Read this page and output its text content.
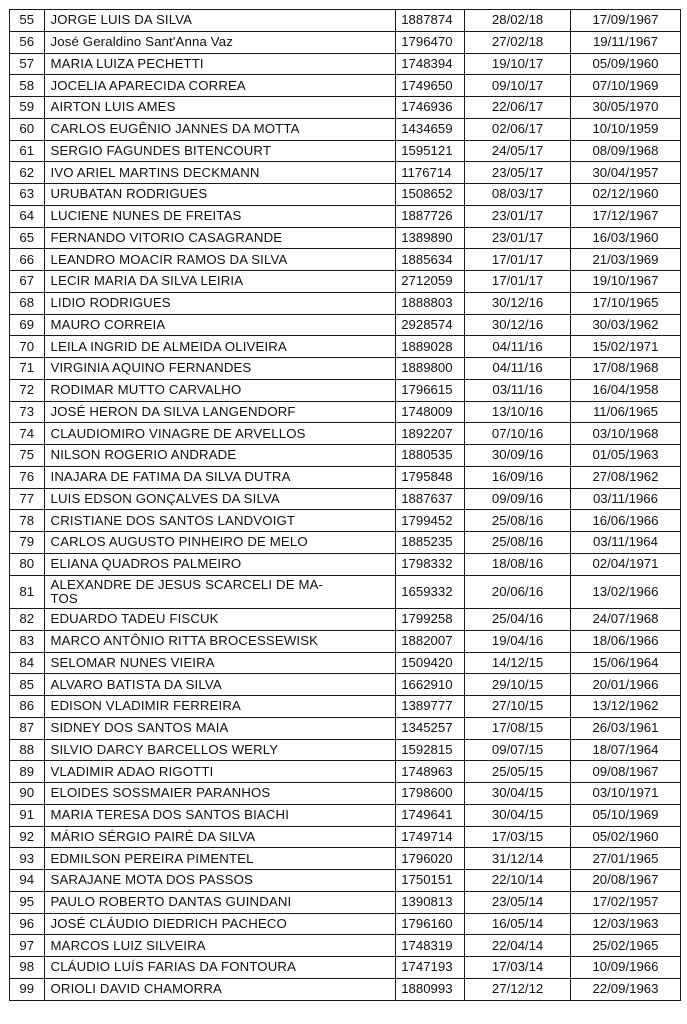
55	JORGE LUIS DA SILVA	1887874	28/02/18	17/09/1967
56	José Geraldino Sant'Anna Vaz	1796470	27/02/18	19/11/1967
57	MARIA LUIZA PECHETTI	1748394	19/10/17	05/09/1960
58	JOCELIA APARECIDA CORREA	1749650	09/10/17	07/10/1969
59	AIRTON LUIS AMES	1746936	22/06/17	30/05/1970
60	CARLOS EUGÊNIO JANNES DA MOTTA	1434659	02/06/17	10/10/1959
61	SERGIO FAGUNDES BITENCOURT	1595121	24/05/17	08/09/1968
62	IVO ARIEL MARTINS DECKMANN	1176714	23/05/17	30/04/1957
63	URUBATAN RODRIGUES	1508652	08/03/17	02/12/1960
64	LUCIENE NUNES DE FREITAS	1887726	23/01/17	17/12/1967
65	FERNANDO VITORIO CASAGRANDE	1389890	23/01/17	16/03/1960
66	LEANDRO MOACIR RAMOS DA SILVA	1885634	17/01/17	21/03/1969
67	LECIR MARIA DA SILVA LEIRIA	2712059	17/01/17	19/10/1967
68	LIDIO RODRIGUES	1888803	30/12/16	17/10/1965
69	MAURO CORREIA	2928574	30/12/16	30/03/1962
70	LEILA INGRID DE ALMEIDA OLIVEIRA	1889028	04/11/16	15/02/1971
71	VIRGINIA AQUINO FERNANDES	1889800	04/11/16	17/08/1968
72	RODIMAR MUTTO CARVALHO	1796615	03/11/16	16/04/1958
73	JOSÉ HERON DA SILVA LANGENDORF	1748009	13/10/16	11/06/1965
74	CLAUDIOMIRO VINAGRE DE ARVELLOS	1892207	07/10/16	03/10/1968
75	NILSON ROGERIO ANDRADE	1880535	30/09/16	01/05/1963
76	INAJARA DE FATIMA DA SILVA DUTRA	1795848	16/09/16	27/08/1962
77	LUIS EDSON GONÇALVES DA SILVA	1887637	09/09/16	03/11/1966
78	CRISTIANE DOS SANTOS LANDVOIGT	1799452	25/08/16	16/06/1966
79	CARLOS AUGUSTO PINHEIRO DE MELO	1885235	25/08/16	03/11/1964
80	ELIANA QUADROS PALMEIRO	1798332	18/08/16	02/04/1971
81	ALEXANDRE DE JESUS SCARCELI DE MA-
TOS	1659332	20/06/16	13/02/1966
82	EDUARDO TADEU FISCUK	1799258	25/04/16	24/07/1968
83	MARCO ANTÔNIO RITTA BROCESSEWISK	1882007	19/04/16	18/06/1966
84	SELOMAR NUNES VIEIRA	1509420	14/12/15	15/06/1964
85	ALVARO BATISTA DA SILVA	1662910	29/10/15	20/01/1966
86	EDISON VLADIMIR FERREIRA	1389777	27/10/15	13/12/1962
87	SIDNEY DOS SANTOS MAIA	1345257	17/08/15	26/03/1961
88	SILVIO DARCY BARCELLOS WERLY	1592815	09/07/15	18/07/1964
89	VLADIMIR ADAO RIGOTTI	1748963	25/05/15	09/08/1967
90	ELOIDES SOSSMAIER PARANHOS	1798600	30/04/15	03/10/1971
91	MARIA TERESA DOS SANTOS BIACHI	1749641	30/04/15	05/10/1969
92	MÁRIO SÉRGIO PAIRÉ DA SILVA	1749714	17/03/15	05/02/1960
93	EDMILSON PEREIRA PIMENTEL	1796020	31/12/14	27/01/1965
94	SARAJANE MOTA DOS PASSOS	1750151	22/10/14	20/08/1967
95	PAULO ROBERTO DANTAS GUINDANI	1390813	23/05/14	17/02/1957
96	JOSÉ CLÁUDIO DIEDRICH PACHECO	1796160	16/05/14	12/03/1963
97	MARCOS LUIZ SILVEIRA	1748319	22/04/14	25/02/1965
98	CLÁUDIO LUÍS FARIAS DA FONTOURA	1747193	17/03/14	10/09/1966
99	ORIOLI DAVID CHAMORRA	1880993	27/12/12	22/09/1963
